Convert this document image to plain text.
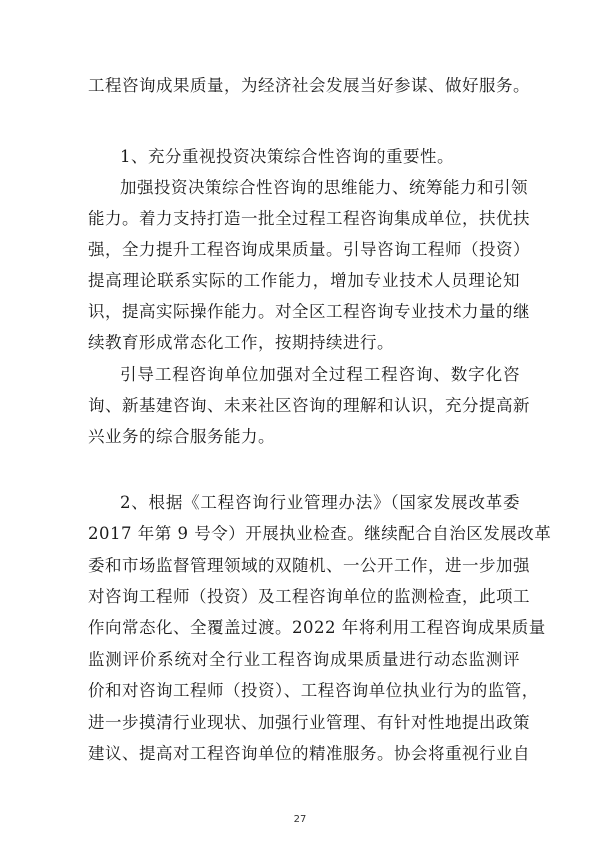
工程咨询成果质量，为经济社会发展当好参谋、做好服务。
1、充分重视投资决策综合性咨询的重要性。
加强投资决策综合性咨询的思维能力、统筹能力和引领
能力。着力支持打造一批全过程工程咨询集成单位，扶优扶
强，全力提升工程咨询成果质量。引导咨询工程师（投资）
提高理论联系实际的工作能力，增加专业技术人员理论知
识，提高实际操作能力。对全区工程咨询专业技术力量的继
续教育形成常态化工作，按期持续进行。
引导工程咨询单位加强对全过程工程咨询、数字化咨
询、新基建咨询、未来社区咨询的理解和认识，充分提高新
兴业务的综合服务能力。
2、根据《工程咨询行业管理办法》（国家发展改革委
2017 年第 9 号令）开展执业检查。继续配合自治区发展改革
委和市场监督管理领域的双随机、一公开工作，进一步加强
对咨询工程师（投资）及工程咨询单位的监测检查，此项工
作向常态化、全覆盖过渡。2022 年将利用工程咨询成果质量
监测评价系统对全行业工程咨询成果质量进行动态监测评
价和对咨询工程师（投资）、工程咨询单位执业行为的监管，
进一步摸清行业现状、加强行业管理、有针对性地提出政策
建议、提高对工程咨询单位的精准服务。协会将重视行业自
27
